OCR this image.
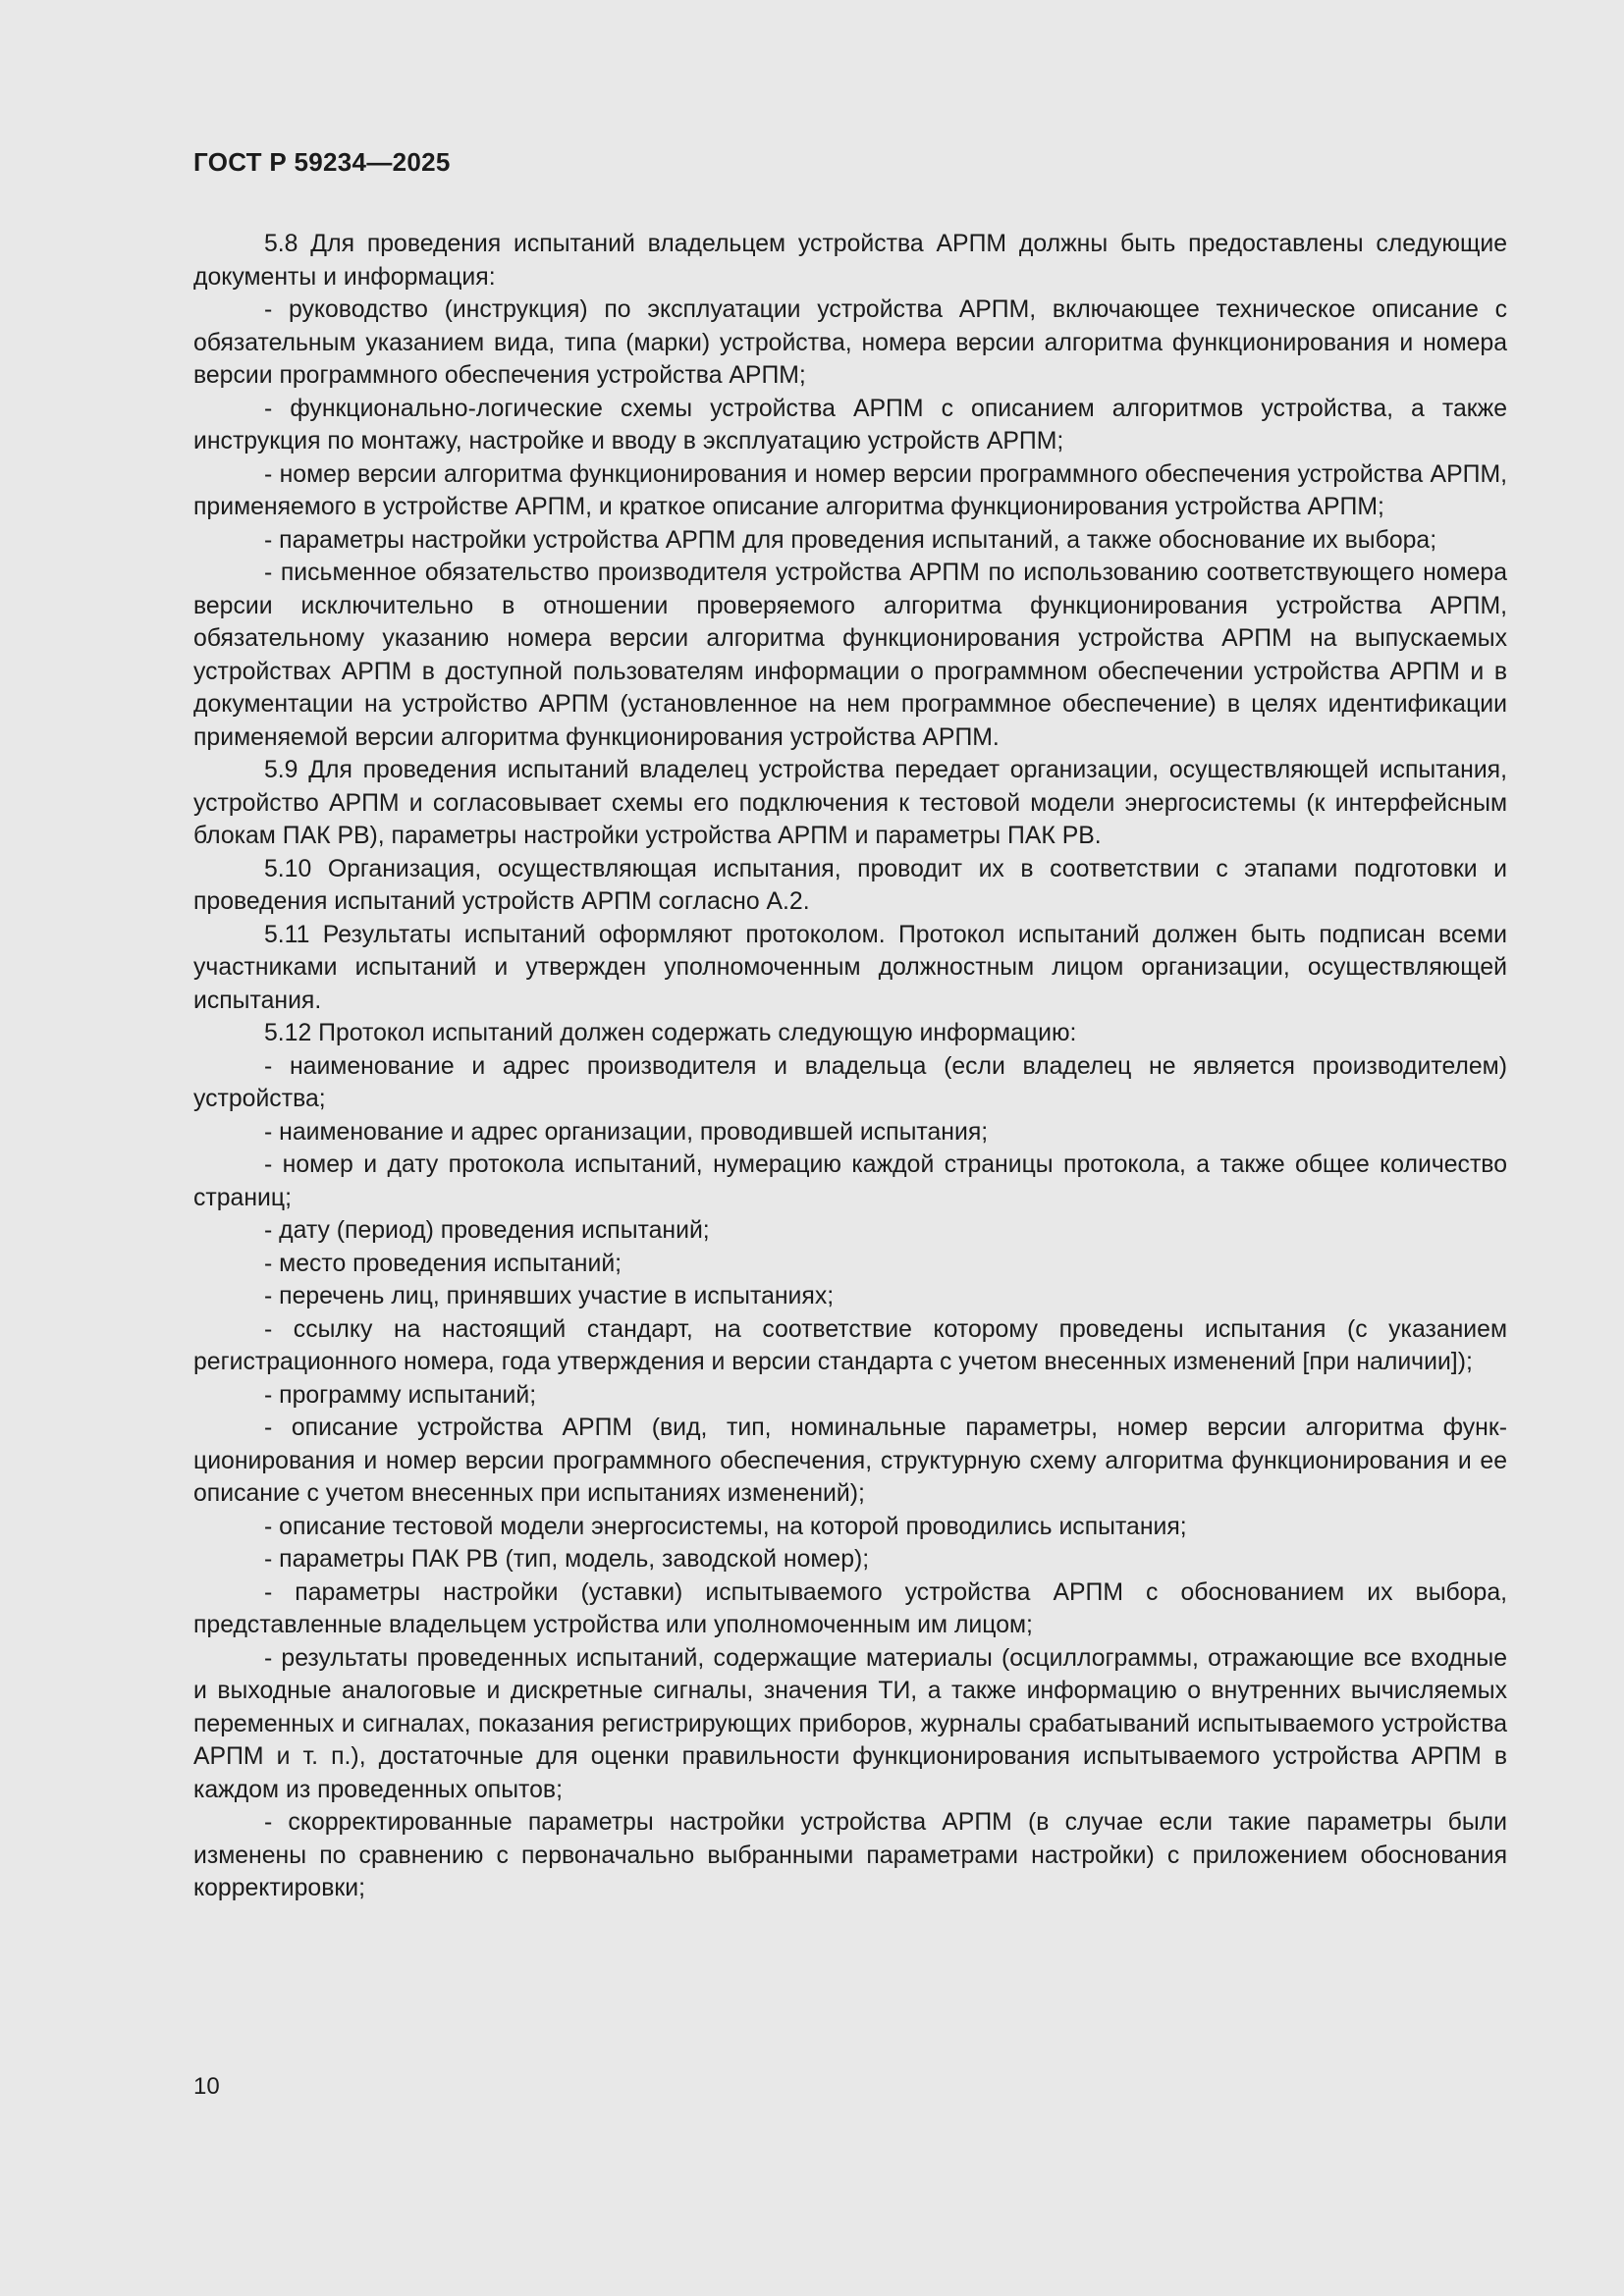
ГОСТ Р 59234—2025

5.8 Для проведения испытаний владельцем устройства АРПМ должны быть предоставлены следующие документы и информация:

- руководство (инструкция) по эксплуатации устройства АРПМ, включающее техническое описание с обязательным указанием вида, типа (марки) устройства, номера версии алгоритма функционирования и номера версии программного обеспечения устройства АРПМ;

- функционально-логические схемы устройства АРПМ с описанием алгоритмов устройства, а также инструкция по монтажу, настройке и вводу в эксплуатацию устройств АРПМ;

- номер версии алгоритма функционирования и номер версии программного обеспечения устройства АРПМ, применяемого в устройстве АРПМ, и краткое описание алгоритма функционирования устройства АРПМ;

- параметры настройки устройства АРПМ для проведения испытаний, а также обоснование их выбора;

- письменное обязательство производителя устройства АРПМ по использованию соответствующего номера версии исключительно в отношении проверяемого алгоритма функционирования устройства АРПМ, обязательному указанию номера версии алгоритма функционирования устройства АРПМ на выпускаемых устройствах АРПМ в доступной пользователям информации о программном обеспечении устройства АРПМ и в документации на устройство АРПМ (установленное на нем программное обеспечение) в целях идентификации применяемой версии алгоритма функционирования устройства АРПМ.

5.9 Для проведения испытаний владелец устройства передает организации, осуществляющей испытания, устройство АРПМ и согласовывает схемы его подключения к тестовой модели энергосистемы (к интерфейсным блокам ПАК РВ), параметры настройки устройства АРПМ и параметры ПАК РВ.

5.10 Организация, осуществляющая испытания, проводит их в соответствии с этапами подготовки и проведения испытаний устройств АРПМ согласно А.2.

5.11 Результаты испытаний оформляют протоколом. Протокол испытаний должен быть подписан всеми участниками испытаний и утвержден уполномоченным должностным лицом организации, осуществляющей испытания.

5.12 Протокол испытаний должен содержать следующую информацию:

- наименование и адрес производителя и владельца (если владелец не является производителем) устройства;

- наименование и адрес организации, проводившей испытания;

- номер и дату протокола испытаний, нумерацию каждой страницы протокола, а также общее количество страниц;

- дату (период) проведения испытаний;

- место проведения испытаний;

- перечень лиц, принявших участие в испытаниях;

- ссылку на настоящий стандарт, на соответствие которому проведены испытания (с указанием регистрационного номера, года утверждения и версии стандарта с учетом внесенных изменений [при наличии]);

- программу испытаний;

- описание устройства АРПМ (вид, тип, номинальные параметры, номер версии алгоритма функционирования и номер версии программного обеспечения, структурную схему алгоритма функционирования и ее описание с учетом внесенных при испытаниях изменений);

- описание тестовой модели энергосистемы, на которой проводились испытания;

- параметры ПАК РВ (тип, модель, заводской номер);

- параметры настройки (уставки) испытываемого устройства АРПМ с обоснованием их выбора, представленные владельцем устройства или уполномоченным им лицом;

- результаты проведенных испытаний, содержащие материалы (осциллограммы, отражающие все входные и выходные аналоговые и дискретные сигналы, значения ТИ, а также информацию о внутренних вычисляемых переменных и сигналах, показания регистрирующих приборов, журналы срабатываний испытываемого устройства АРПМ и т. п.), достаточные для оценки правильности функционирования испытываемого устройства АРПМ в каждом из проведенных опытов;

- скорректированные параметры настройки устройства АРПМ (в случае если такие параметры были изменены по сравнению с первоначально выбранными параметрами настройки) с приложением обоснования корректировки;

10
